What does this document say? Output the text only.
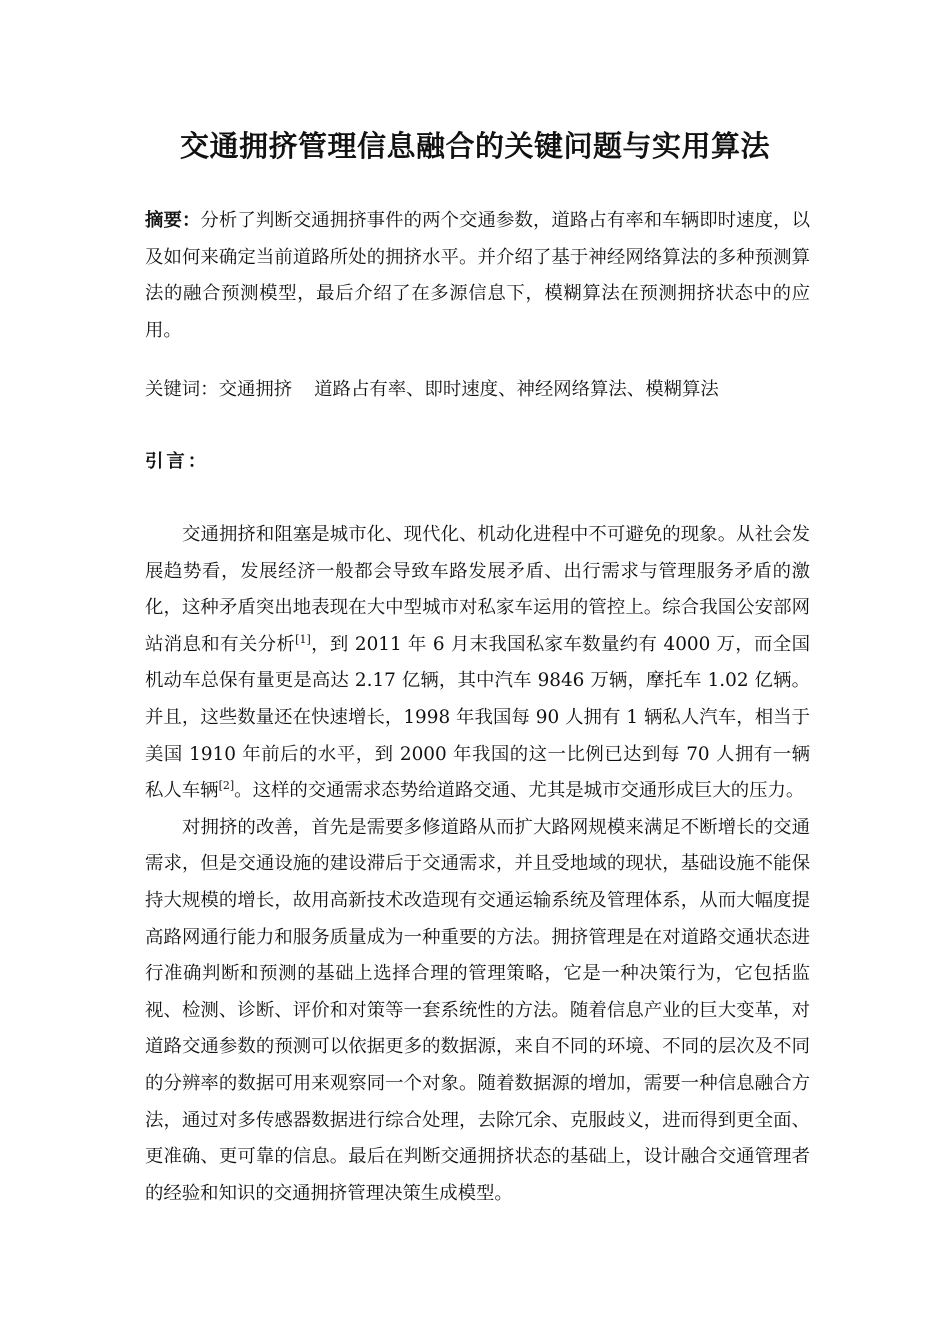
交通拥挤管理信息融合的关键问题与实用算法
摘要：分析了判断交通拥挤事件的两个交通参数，道路占有率和车辆即时速度，以及如何来确定当前道路所处的拥挤水平。并介绍了基于神经网络算法的多种预测算法的融合预测模型，最后介绍了在多源信息下，模糊算法在预测拥挤状态中的应用。
关键词：交通拥挤 道路占有率、即时速度、神经网络算法、模糊算法
引言：

交通拥挤和阻塞是城市化、现代化、机动化进程中不可避免的现象。从社会发展趋势看，发展经济一般都会导致车路发展矛盾、出行需求与管理服务矛盾的激化，这种矛盾突出地表现在大中型城市对私家车运用的管控上。综合我国公安部网站消息和有关分析[1]，到 2011 年 6 月末我国私家车数量约有 4000 万，而全国机动车总保有量更是高达 2.17 亿辆，其中汽车 9846 万辆，摩托车 1.02 亿辆。并且，这些数量还在快速增长，1998 年我国每 90 人拥有 1 辆私人汽车，相当于美国 1910 年前后的水平，到 2000 年我国的这一比例已达到每 70 人拥有一辆私人车辆[2]。这样的交通需求态势给道路交通、尤其是城市交通形成巨大的压力。

对拥挤的改善，首先是需要多修道路从而扩大路网规模来满足不断增长的交通需求，但是交通设施的建设滞后于交通需求，并且受地域的现状，基础设施不能保持大规模的增长，故用高新技术改造现有交通运输系统及管理体系，从而大幅度提高路网通行能力和服务质量成为一种重要的方法。拥挤管理是在对道路交通状态进行准确判断和预测的基础上选择合理的管理策略，它是一种决策行为，它包括监视、检测、诊断、评价和对策等一套系统性的方法。随着信息产业的巨大变革，对道路交通参数的预测可以依据更多的数据源，来自不同的环境、不同的层次及不同的分辨率的数据可用来观察同一个对象。随着数据源的增加，需要一种信息融合方法，通过对多传感器数据进行综合处理，去除冗余、克服歧义，进而得到更全面、更准确、更可靠的信息。最后在判断交通拥挤状态的基础上，设计融合交通管理者的经验和知识的交通拥挤管理决策生成模型。
